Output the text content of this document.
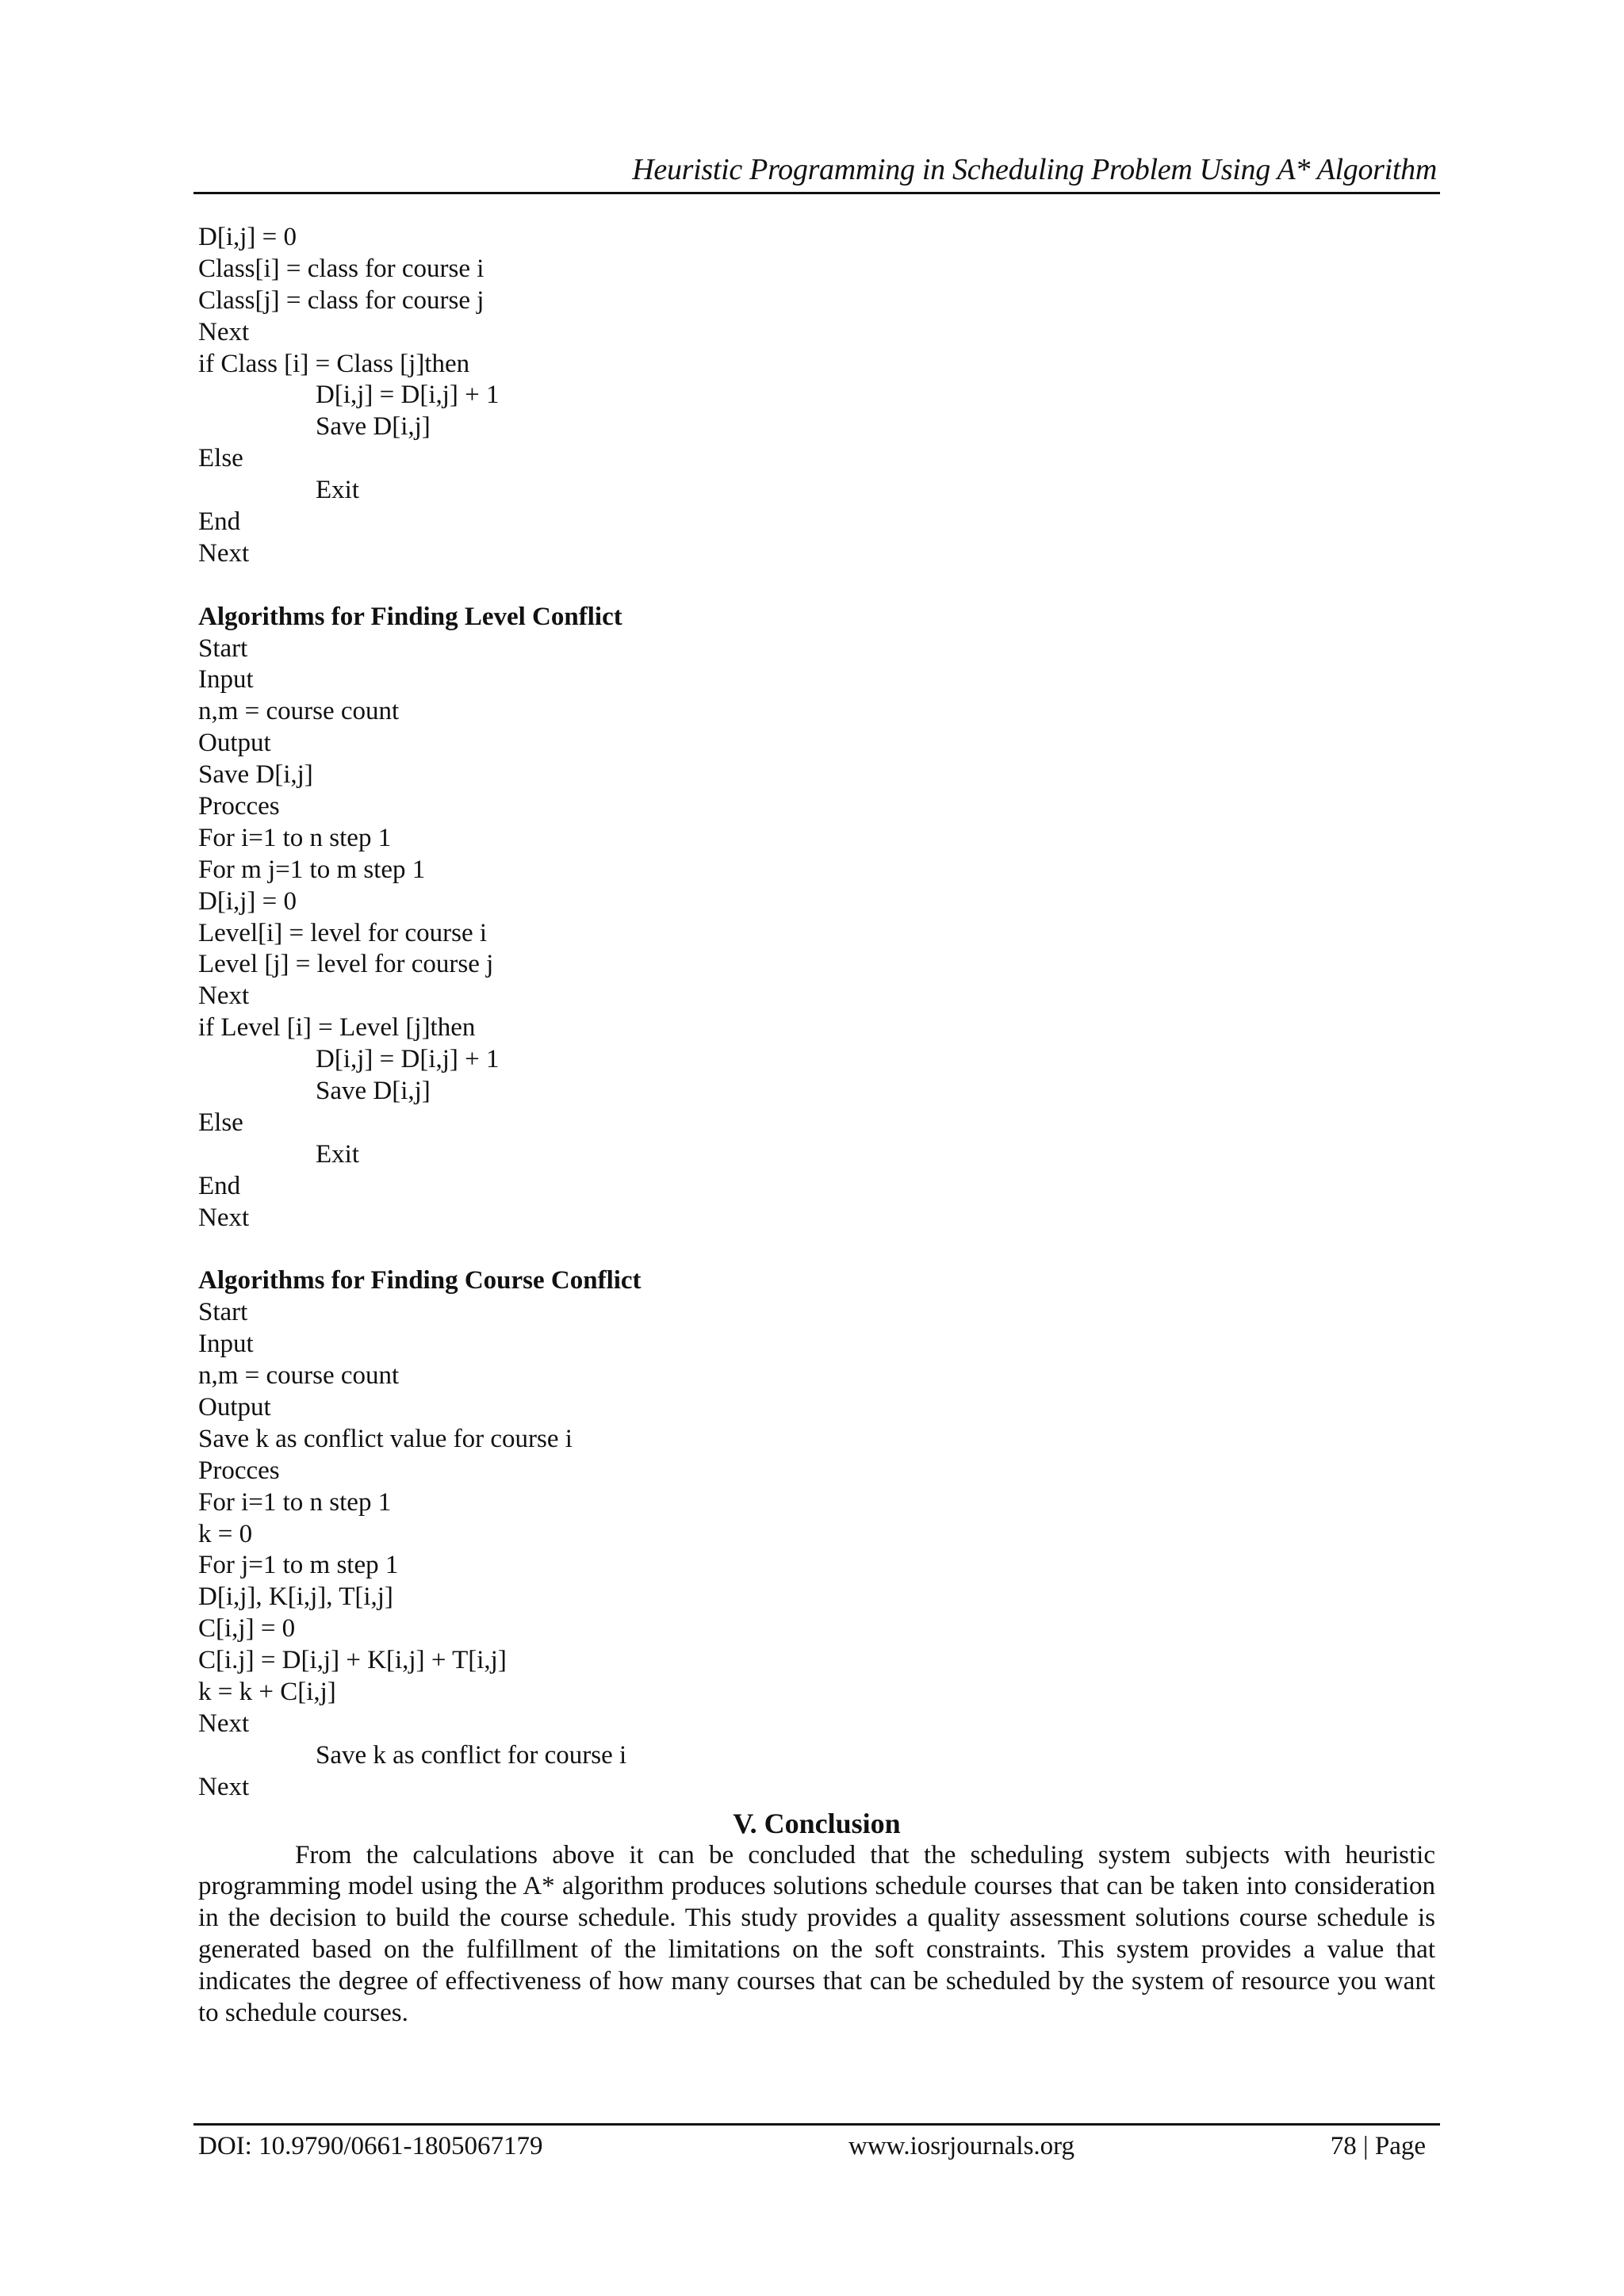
Heuristic Programming in Scheduling Problem Using A* Algorithm
D[i,j] = 0
Class[i] = class for course i
Class[j] = class for course j
Next
if Class [i] = Class [j]then
D[i,j] = D[i,j] + 1
Save D[i,j]
Else
Exit
End
Next
Algorithms for Finding Level Conflict
Start
Input
n,m = course count
Output
Save D[i,j]
Procces
For i=1 to n step 1
For m j=1 to m step 1
D[i,j] = 0
Level[i] = level for course i
Level [j] = level for course j
Next
if Level [i] = Level [j]then
D[i,j] = D[i,j] + 1
Save D[i,j]
Else
Exit
End
Next
Algorithms for Finding Course Conflict
Start
Input
n,m = course count
Output
Save k as conflict value for course i
Procces
For i=1 to n step 1
k = 0
For j=1 to m step 1
D[i,j], K[i,j], T[i,j]
C[i,j] = 0
C[i.j] = D[i,j] + K[i,j] + T[i,j]
k = k + C[i,j]
Next
Save k as conflict for course i
Next
V. Conclusion
From the calculations above it can be concluded that the scheduling system subjects with heuristic programming model using the A* algorithm produces solutions schedule courses that can be taken into consideration in the decision to build the course schedule. This study provides a quality assessment solutions course schedule is generated based on the fulfillment of the limitations on the soft constraints. This system provides a value that indicates the degree of effectiveness of how many courses that can be scheduled by the system of resource you want to schedule courses.
DOI: 10.9790/0661-1805067179	www.iosrjournals.org	78 | Page
